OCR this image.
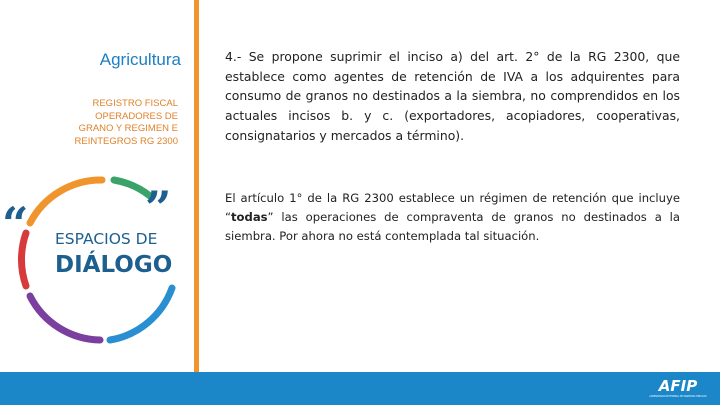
Agricultura
REGISTRO FISCAL OPERADORES DE GRANO Y REGIMEN E REINTEGROS RG 2300
“	”
ESPACIOS DE
DIÁLOGO
4.- Se propone suprimir el inciso a) del art. 2° de la RG 2300, que establece como agentes de retención de IVA a los adquirentes para consumo de granos no destinados a la siembra, no comprendidos en los actuales incisos b. y c. (exportadores, acopiadores, cooperativas, consignatarios y mercados a término).
El artículo 1° de la RG 2300 establece un régimen de retención que incluye “todas” las operaciones de compraventa de granos no destinados a la siembra. Por ahora no está contemplada tal situación.
AFIP
ADMINISTRACIÓN FEDERAL DE INGRESOS PÚBLICOS
